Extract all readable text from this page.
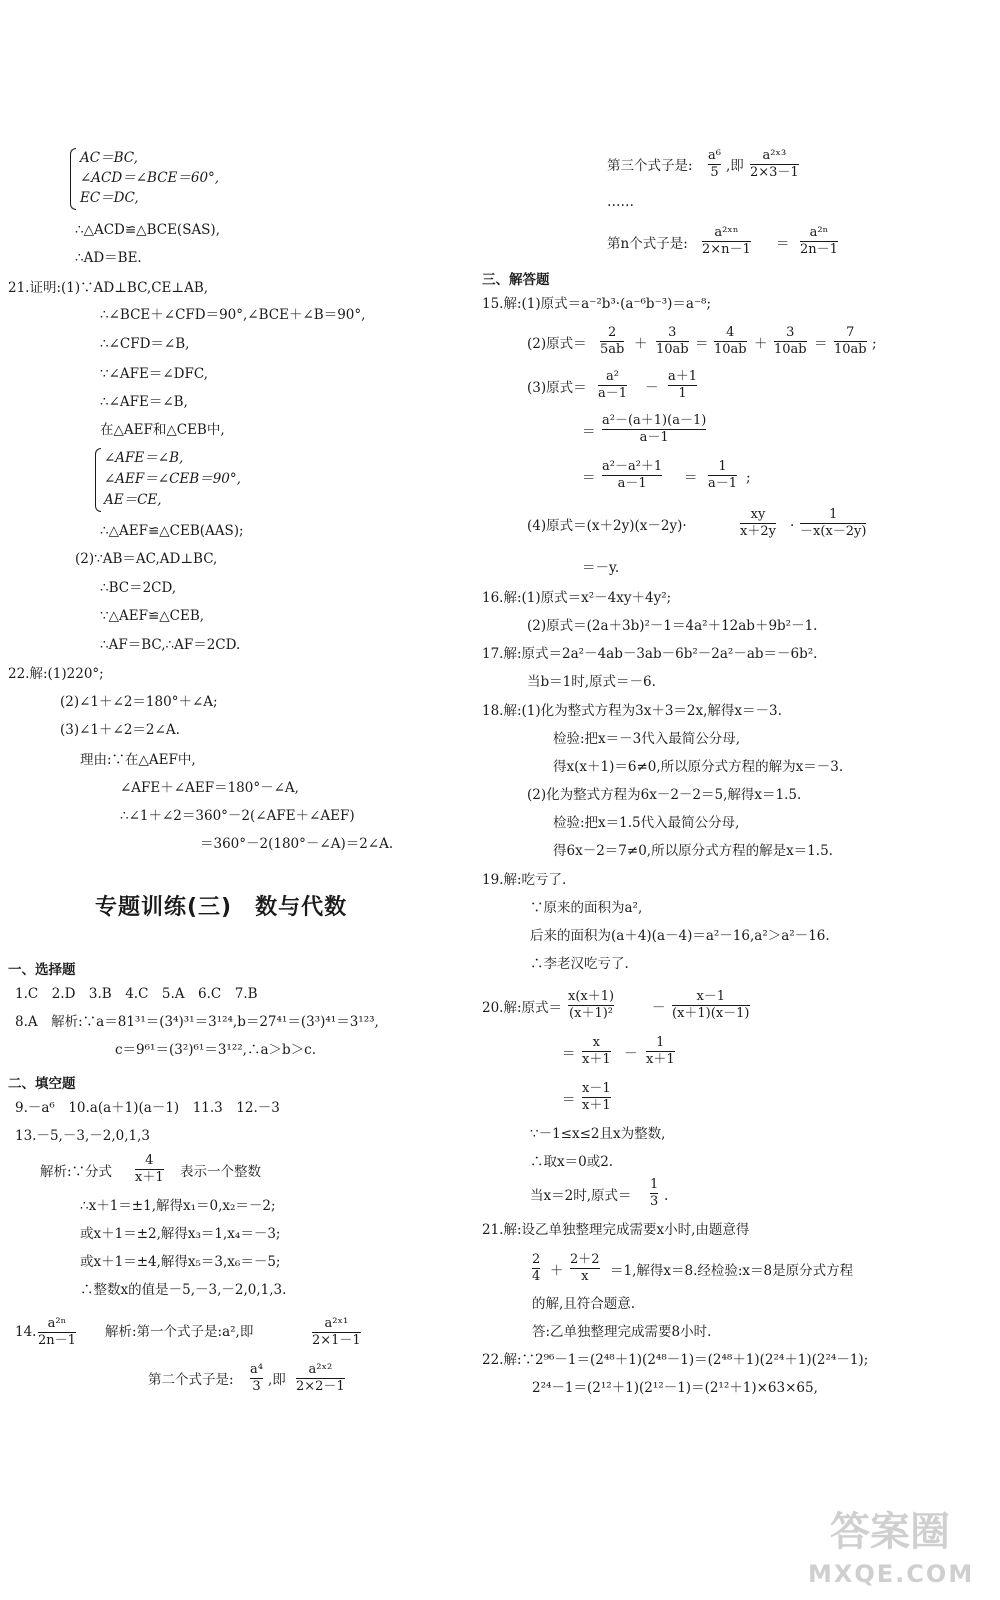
AC＝BC,
∠ACD＝∠BCE＝60°,
EC＝DC,
∴△ACD≌△BCE(SAS),
∴AD＝BE.
21.证明:(1)∵AD⊥BC,CE⊥AB,
∴∠BCE＋∠CFD＝90°,∠BCE＋∠B＝90°,
∴∠CFD＝∠B,
∵∠AFE＝∠DFC,
∴∠AFE＝∠B,
在△AEF和△CEB中,
∠AFE＝∠B,
∠AEF＝∠CEB＝90°,
AE＝CE,
∴△AEF≌△CEB(AAS);
(2)∵AB＝AC,AD⊥BC,
∴BC＝2CD,
∵△AEF≌△CEB,
∴AF＝BC,∴AF＝2CD.
22.解:(1)220°;
(2)∠1＋∠2＝180°＋∠A;
(3)∠1＋∠2＝2∠A.
理由:∵在△AEF中,
∠AFE＋∠AEF＝180°－∠A,
∴∠1＋∠2＝360°－2(∠AFE＋∠AEF)
＝360°－2(180°－∠A)＝2∠A.
专题训练(三)　数与代数
一、选择题
1.C　2.D　3.B　4.C　5.A　6.C　7.B
8.A　解析:∵a＝81³¹＝(3⁴)³¹＝3¹²⁴,b＝27⁴¹＝(3³)⁴¹＝3¹²³,
c＝9⁶¹＝(3²)⁶¹＝3¹²²,∴a＞b＞c.
二、填空题
9.－a⁶　10.a(a＋1)(a－1)　11.3　12.－3
13.－5,－3,－2,0,1,3
解析:∵分式
4
x＋1 表示一个整数
∴x＋1＝±1,解得x₁＝0,x₂＝－2;
或x＋1＝±2,解得x₃＝1,x₄＝－3;
或x＋1＝±4,解得x₅＝3,x₆＝－5;
∴整数x的值是－5,－3,－2,0,1,3.
14.
a²ⁿ
2n－1
解析:第一个式子是:a²,即
a²ˣ¹
2×1－1
第二个式子是:
a⁴
3 ,即
a²ˣ²
2×2－1
第三个式子是:
a⁶
5 ,即
a²ˣ³
2×3－1
……
第n个式子是:
a²ˣⁿ
2×n－1 ＝
a²ⁿ
2n－1
三、解答题
15.解:(1)原式＝a⁻²b³·(a⁻⁶b⁻³)＝a⁻⁸;
(2)原式＝
2
5ab ＋
3
10ab ＝
4
10ab ＋
3
10ab ＝
7
10ab ;
(3)原式＝
a²
a－1 －
a＋1
1
＝
a²－(a＋1)(a－1)
a－1
＝
a²－a²＋1
a－1	＝
1
a－1 ;
(4)原式＝(x＋2y)(x－2y)·
xy
x＋2y ·
1
－x(x－2y)
＝－y.
16.解:(1)原式＝x²－4xy＋4y²;
(2)原式＝(2a＋3b)²－1＝4a²＋12ab＋9b²－1.
17.解:原式＝2a²－4ab－3ab－6b²－2a²－ab＝－6b².
当b＝1时,原式＝－6.
18.解:(1)化为整式方程为3x＋3＝2x,解得x＝－3.
检验:把x＝－3代入最简公分母,
得x(x＋1)＝6≠0,所以原分式方程的解为x＝－3.
(2)化为整式方程为6x－2－2＝5,解得x＝1.5.
检验:把x＝1.5代入最简公分母,
得6x－2＝7≠0,所以原分式方程的解是x＝1.5.
19.解:吃亏了.
∵原来的面积为a²,
后来的面积为(a＋4)(a－4)＝a²－16,a²＞a²－16.
∴李老汉吃亏了.
20.解:原式＝
x(x＋1)
(x＋1)²	－
x－1
(x＋1)(x－1)
＝
x
x＋1 －
1
x＋1
＝
x－1
x＋1
∵－1≤x≤2且x为整数,
∴取x＝0或2.
当x＝2时,原式＝
1
3 .
21.解:设乙单独整理完成需要x小时,由题意得
2
4 ＋
2＋2
x ＝1,解得x＝8.经检验:x＝8是原分式方程
的解,且符合题意.
答:乙单独整理完成需要8小时.
22.解:∵2⁹⁶－1＝(2⁴⁸＋1)(2⁴⁸－1)＝(2⁴⁸＋1)(2²⁴＋1)(2²⁴－1);
2²⁴－1＝(2¹²＋1)(2¹²－1)＝(2¹²＋1)×63×65,
答案圈
MXQE.COM
